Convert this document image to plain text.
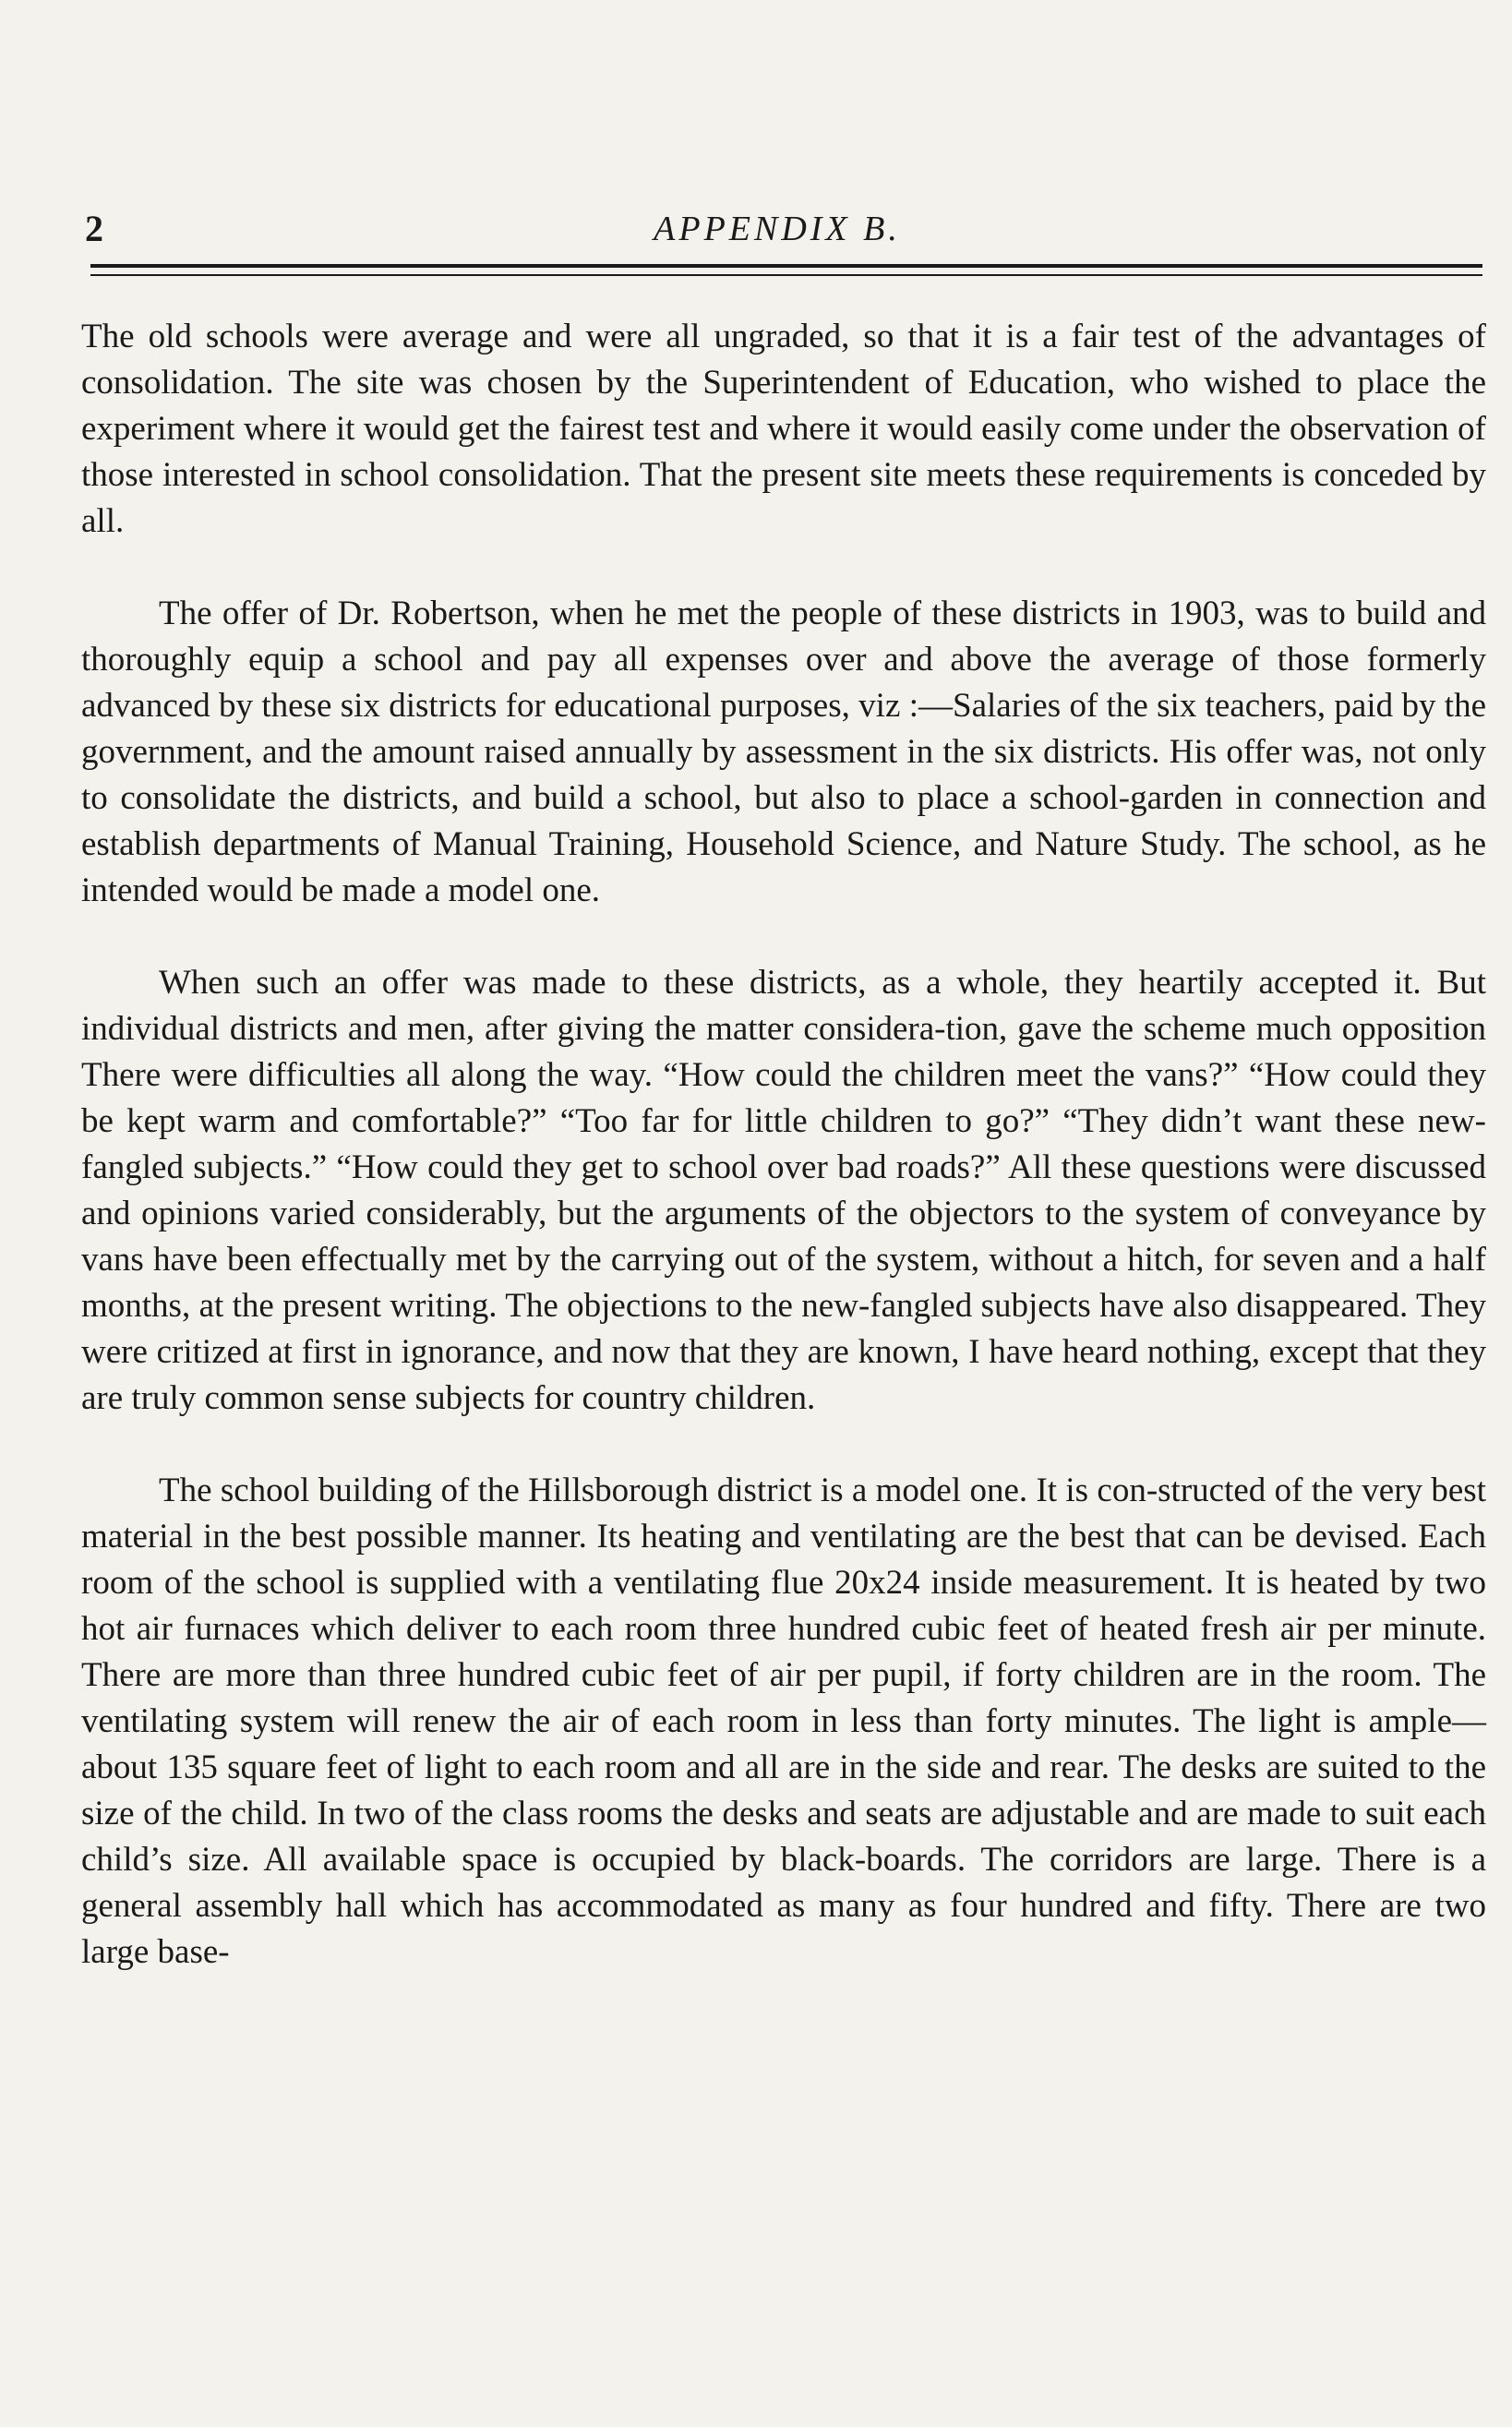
2	APPENDIX B.

The old schools were average and were all ungraded, so that it is a fair test of the advantages of consolidation. The site was chosen by the Superintendent of Education, who wished to place the experiment where it would get the fairest test and where it would easily come under the observation of those interested in school consolidation. That the present site meets these requirements is conceded by all.

The offer of Dr. Robertson, when he met the people of these districts in 1903, was to build and thoroughly equip a school and pay all expenses over and above the average of those formerly advanced by these six districts for educational purposes, viz :—Salaries of the six teachers, paid by the government, and the amount raised annually by assessment in the six districts. His offer was, not only to consolidate the districts, and build a school, but also to place a school-garden in connection and establish departments of Manual Training, Household Science, and Nature Study. The school, as he intended would be made a model one.

When such an offer was made to these districts, as a whole, they heartily accepted it. But individual districts and men, after giving the matter considera-tion, gave the scheme much opposition There were difficulties all along the way. “How could the children meet the vans?” “How could they be kept warm and comfortable?” “Too far for little children to go?” “They didn’t want these new-fangled subjects.” “How could they get to school over bad roads?” All these questions were discussed and opinions varied considerably, but the arguments of the objectors to the system of conveyance by vans have been effectually met by the carrying out of the system, without a hitch, for seven and a half months, at the present writing. The objections to the new-fangled subjects have also disappeared. They were critized at first in ignorance, and now that they are known, I have heard nothing, except that they are truly common sense subjects for country children.

The school building of the Hillsborough district is a model one. It is con-structed of the very best material in the best possible manner. Its heating and ventilating are the best that can be devised. Each room of the school is supplied with a ventilating flue 20x24 inside measurement. It is heated by two hot air furnaces which deliver to each room three hundred cubic feet of heated fresh air per minute. There are more than three hundred cubic feet of air per pupil, if forty children are in the room. The ventilating system will renew the air of each room in less than forty minutes. The light is ample—about 135 square feet of light to each room and all are in the side and rear. The desks are suited to the size of the child. In two of the class rooms the desks and seats are adjustable and are made to suit each child’s size. All available space is occupied by black-boards. The corridors are large. There is a general assembly hall which has accommodated as many as four hundred and fifty. There are two large base-
